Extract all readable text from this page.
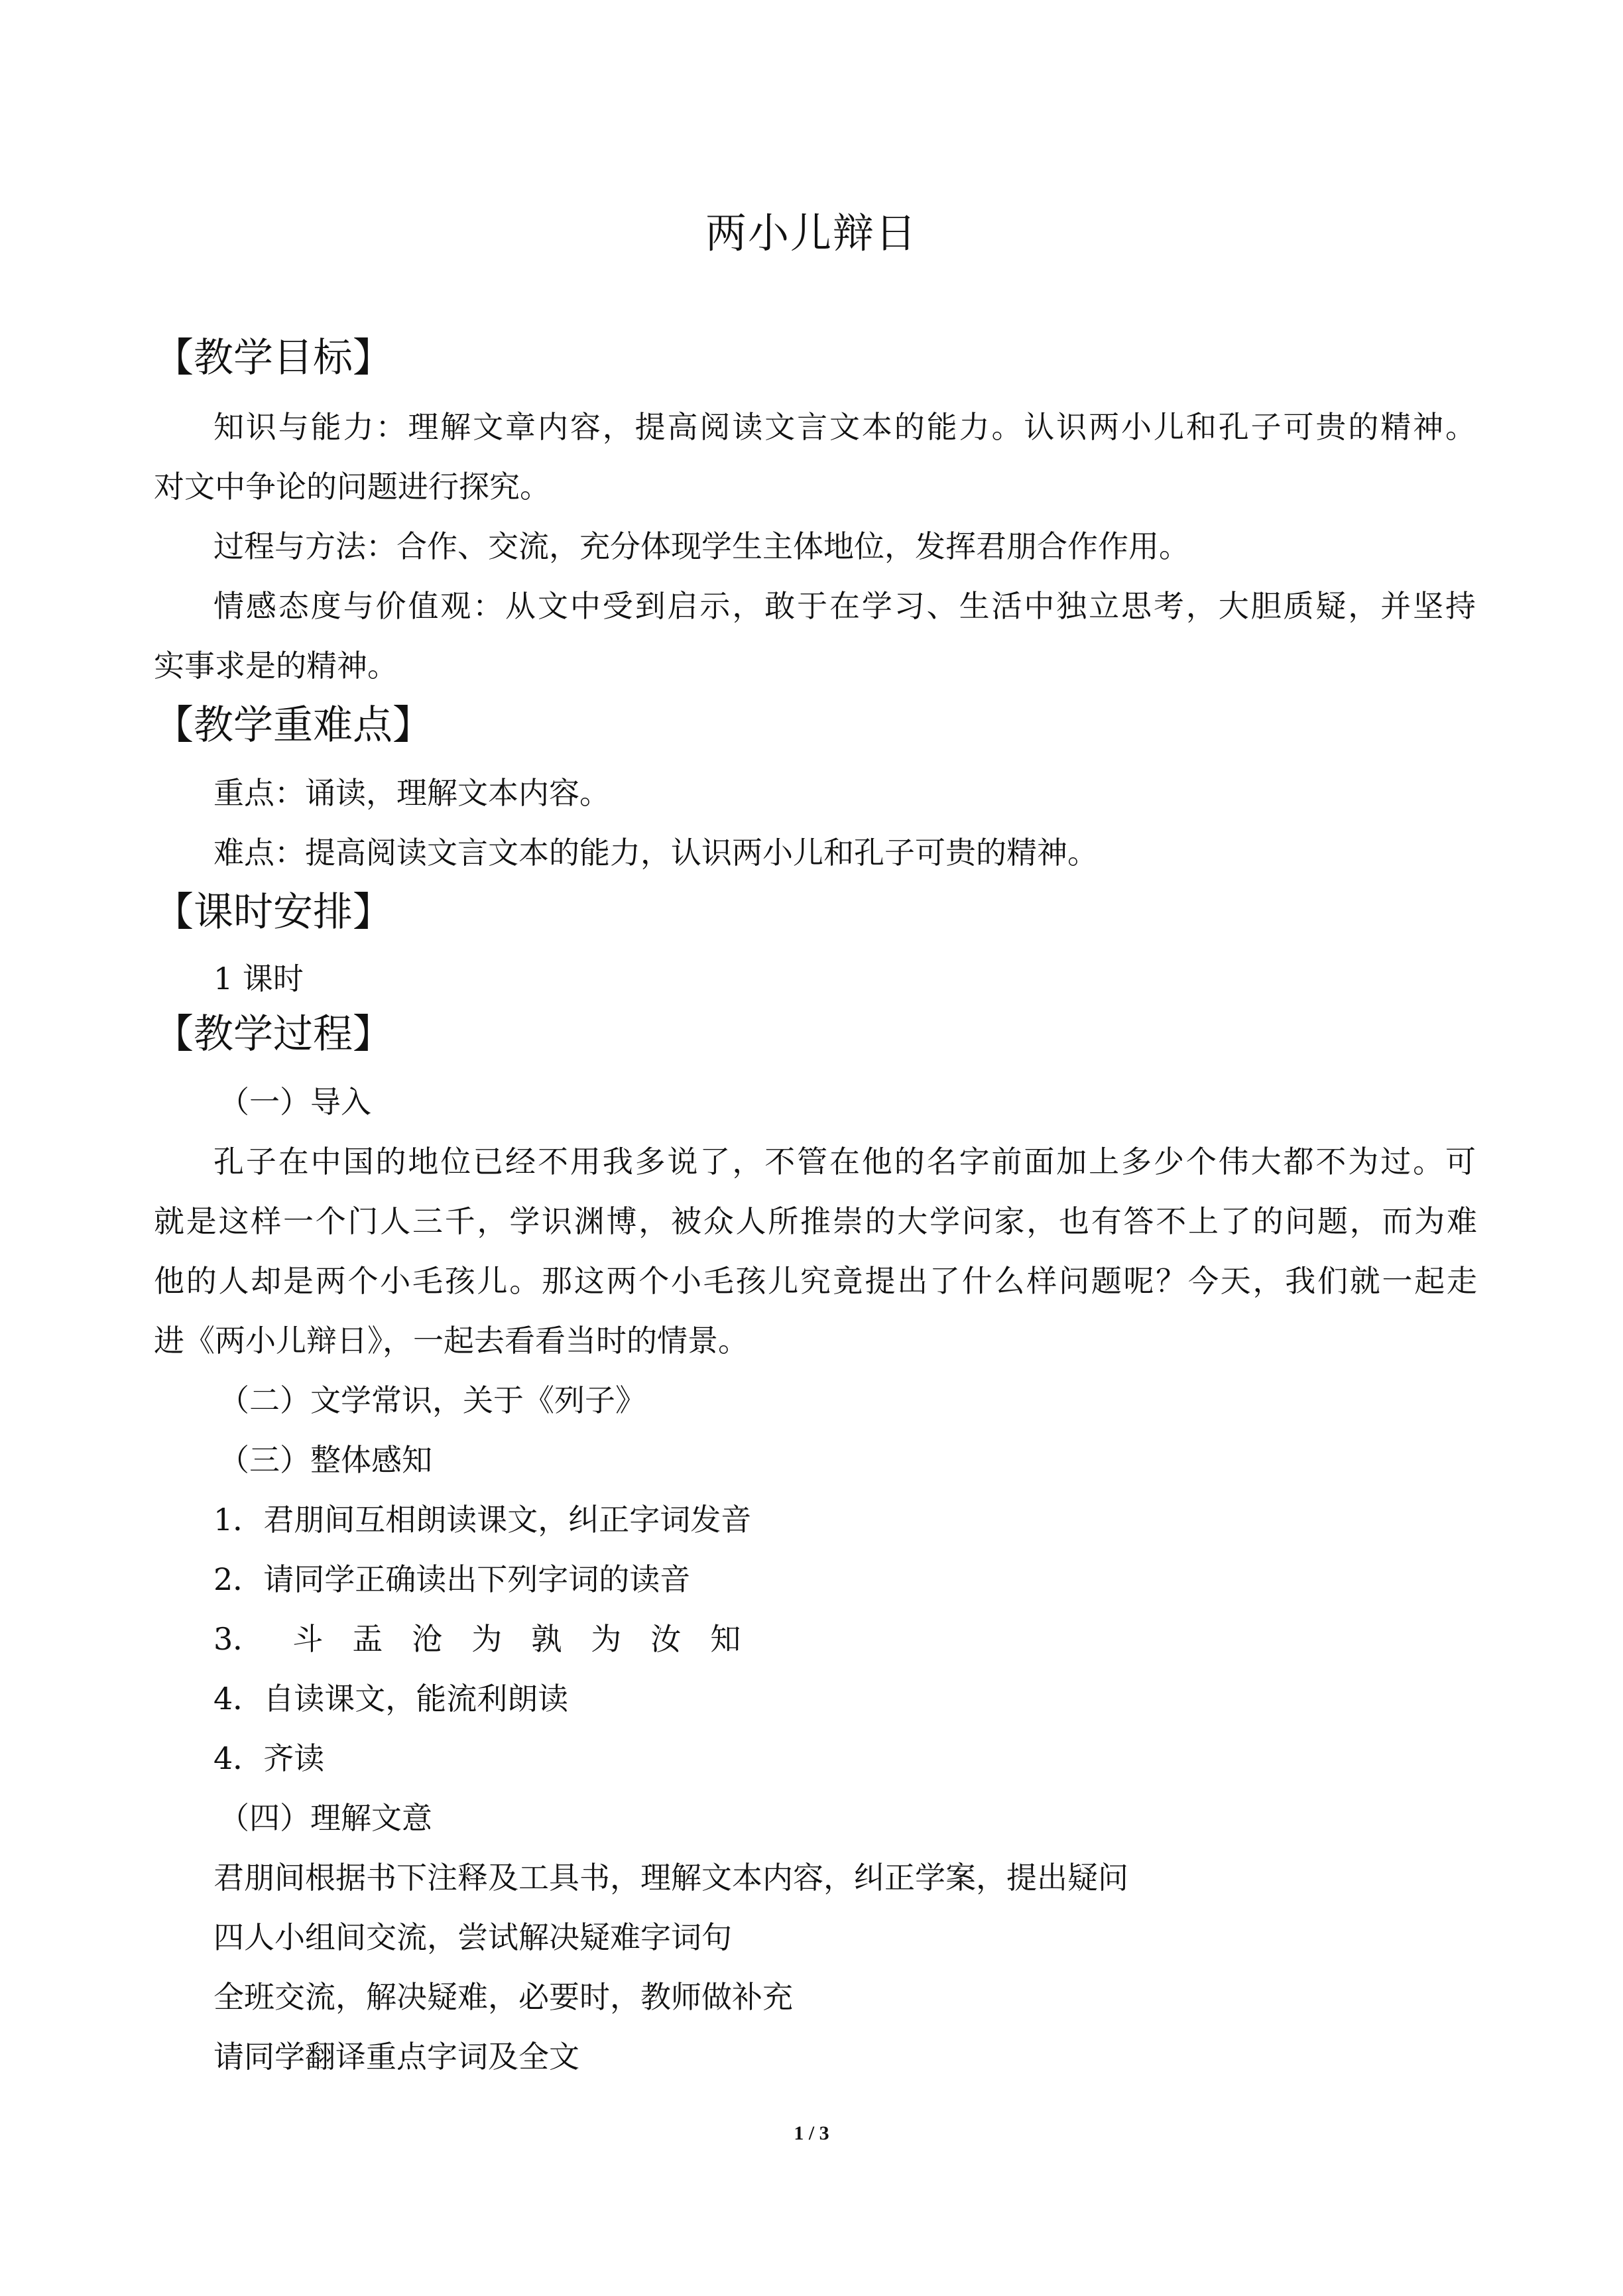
两小儿辩日
【教学目标】
知识与能力：理解文章内容，提高阅读文言文本的能力。认识两小儿和孔子可贵的精神。
对文中争论的问题进行探究。
过程与方法：合作、交流，充分体现学生主体地位，发挥君朋合作作用。
情感态度与价值观：从文中受到启示，敢于在学习、生活中独立思考，大胆质疑，并坚持
实事求是的精神。
【教学重难点】
重点：诵读，理解文本内容。
难点：提高阅读文言文本的能力，认识两小儿和孔子可贵的精神。
【课时安排】
1 课时
【教学过程】
（一）导入
孔子在中国的地位已经不用我多说了，不管在他的名字前面加上多少个伟大都不为过。可
就是这样一个门人三千，学识渊博，被众人所推崇的大学问家，也有答不上了的问题，而为难
他的人却是两个小毛孩儿。那这两个小毛孩儿究竟提出了什么样问题呢？今天，我们就一起走
进《两小儿辩日》，一起去看看当时的情景。
（二）文学常识，关于《列子》
（三）整体感知
1．君朋间互相朗读课文，纠正字词发音
2．请同学正确读出下列字词的读音
3． 斗 盂 沧 为 孰 为 汝 知
4．自读课文，能流利朗读
4．齐读
（四）理解文意
君朋间根据书下注释及工具书，理解文本内容，纠正学案，提出疑问
四人小组间交流，尝试解决疑难字词句
全班交流，解决疑难，必要时，教师做补充
请同学翻译重点字词及全文
1 / 3
